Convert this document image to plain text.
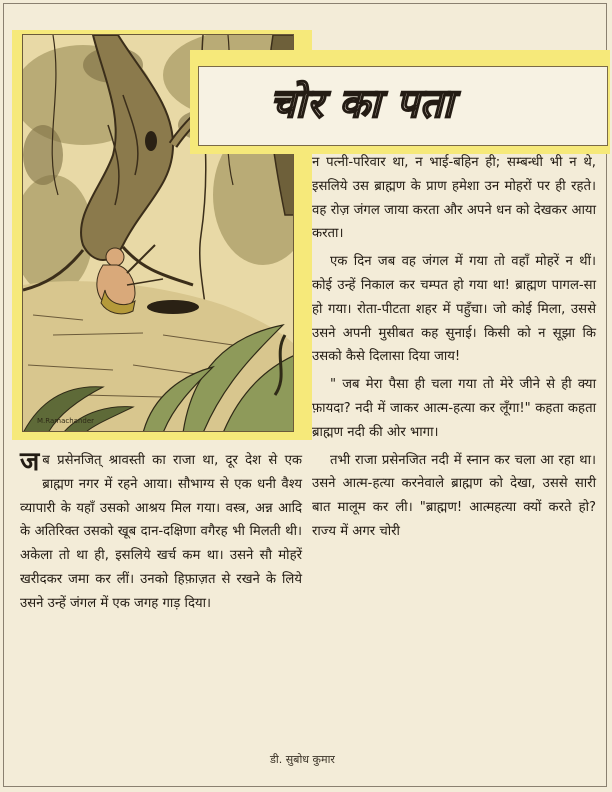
M.Ramachander
चोर का पता

न पत्नी-परिवार था, न भाई-बहिन ही; सम्बन्धी भी न थे, इसलिये उस ब्राह्मण के प्राण हमेशा उन मोहरों पर ही रहते। वह रोज़ जंगल जाया करता और अपने धन को देखकर आया करता।

एक दिन जब वह जंगल में गया तो वहाँ मोहरें न थीं। कोई उन्हें निकाल कर चम्पत हो गया था! ब्राह्मण पागल-सा हो गया। रोता-पीटता शहर में पहुँचा। जो कोई मिला, उससे उसने अपनी मुसीबत कह सुनाई। किसी को न सूझा कि उसको कैसे दिलासा दिया जाय!

" जब मेरा पैसा ही चला गया तो मेरे जीने से ही क्या फ़ायदा? नदी में जाकर आत्म-हत्या कर लूँगा!" कहता कहता ब्राह्मण नदी की ओर भागा।

तभी राजा प्रसेनजित नदी में स्नान कर चला आ रहा था। उसने आत्म-हत्या करनेवाले ब्राह्मण को देखा, उससे सारी बात मालूम कर ली। "ब्राह्मण! आत्महत्या क्यों करते हो? राज्य में अगर चोरी

जब प्रसेनजित् श्रावस्ती का राजा था, दूर देश से एक ब्राह्मण नगर में रहने आया। सौभाग्य से एक धनी वैश्य व्यापारी के यहाँ उसको आश्रय मिल गया। वस्त्र, अन्न आदि के अतिरिक्त उसको खूब दान-दक्षिणा वगैरह भी मिलती थी। अकेला तो था ही, इसलिये खर्च कम था। उसने सौ मोहरें खरीदकर जमा कर लीं। उनको हिफ़ाज़त से रखने के लिये उसने उन्हें जंगल में एक जगह गाड़ दिया।

डी. सुबोध कुमार
